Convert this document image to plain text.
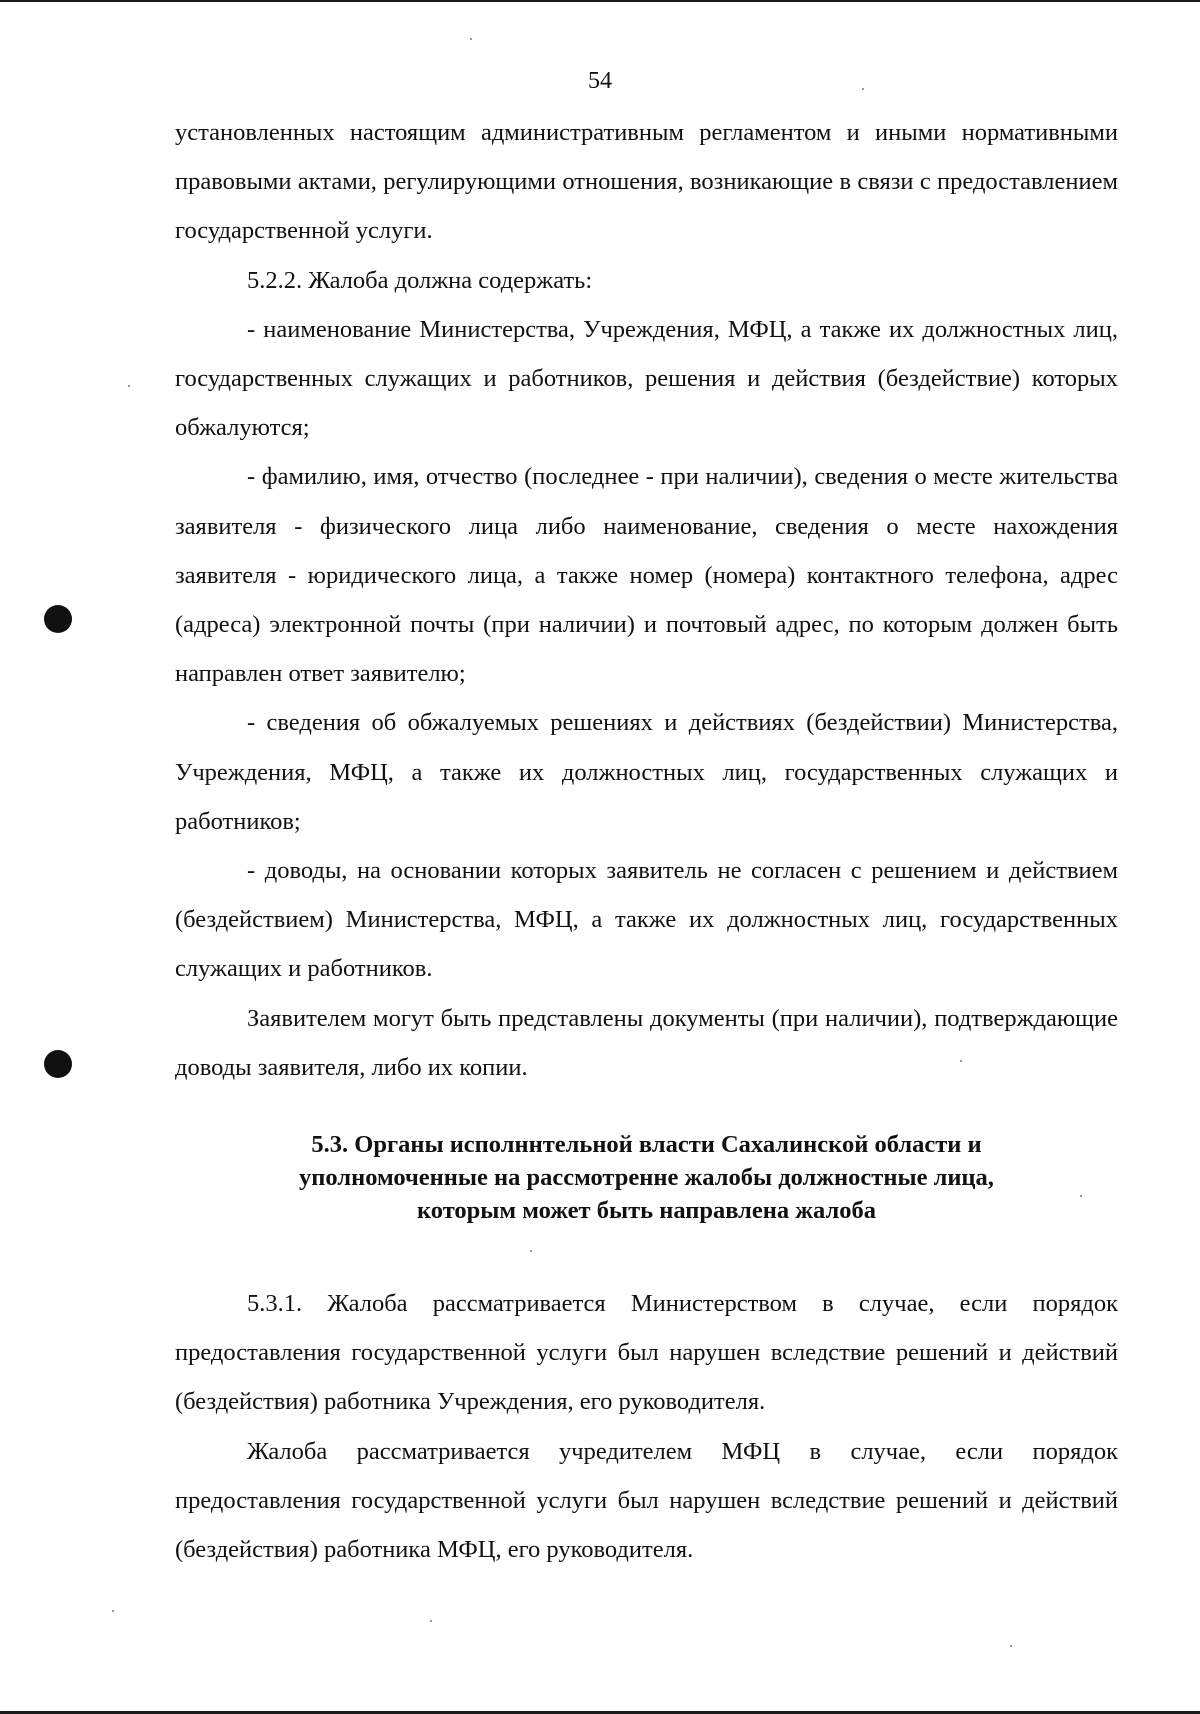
54

установленных настоящим административным регламентом и иными нормативными правовыми актами, регулирующими отношения, возникающие в связи с предоставлением государственной услуги.

5.2.2. Жалоба должна содержать:

- наименование Министерства, Учреждения, МФЦ, а также их должностных лиц, государственных служащих и работников, решения и действия (бездействие) которых обжалуются;

- фамилию, имя, отчество (последнее - при наличии), сведения о месте жительства заявителя - физического лица либо наименование, сведения о месте нахождения заявителя - юридического лица, а также номер (номера) контактного телефона, адрес (адреса) электронной почты (при наличии) и почтовый адрес, по которым должен быть направлен ответ заявителю;

- сведения об обжалуемых решениях и действиях (бездействии) Министерства, Учреждения, МФЦ, а также их должностных лиц, государственных служащих и работников;

- доводы, на основании которых заявитель не согласен с решением и действием (бездействием) Министерства, МФЦ, а также их должностных лиц, государственных служащих и работников.

Заявителем могут быть представлены документы (при наличии), подтверждающие доводы заявителя, либо их копии.

5.3. Органы исполннтельной власти Сахалинской области и
уполномоченные на рассмотренне жалобы должностные лица,
которым может быть направлена жалоба

5.3.1. Жалоба рассматривается Министерством в случае, если порядок предоставления государственной услуги был нарушен вследствие решений и действий (бездействия) работника Учреждения, его руководителя.

Жалоба рассматривается учредителем МФЦ в случае, если порядок предоставления государственной услуги был нарушен вследствие решений и действий (бездействия) работника МФЦ, его руководителя.
